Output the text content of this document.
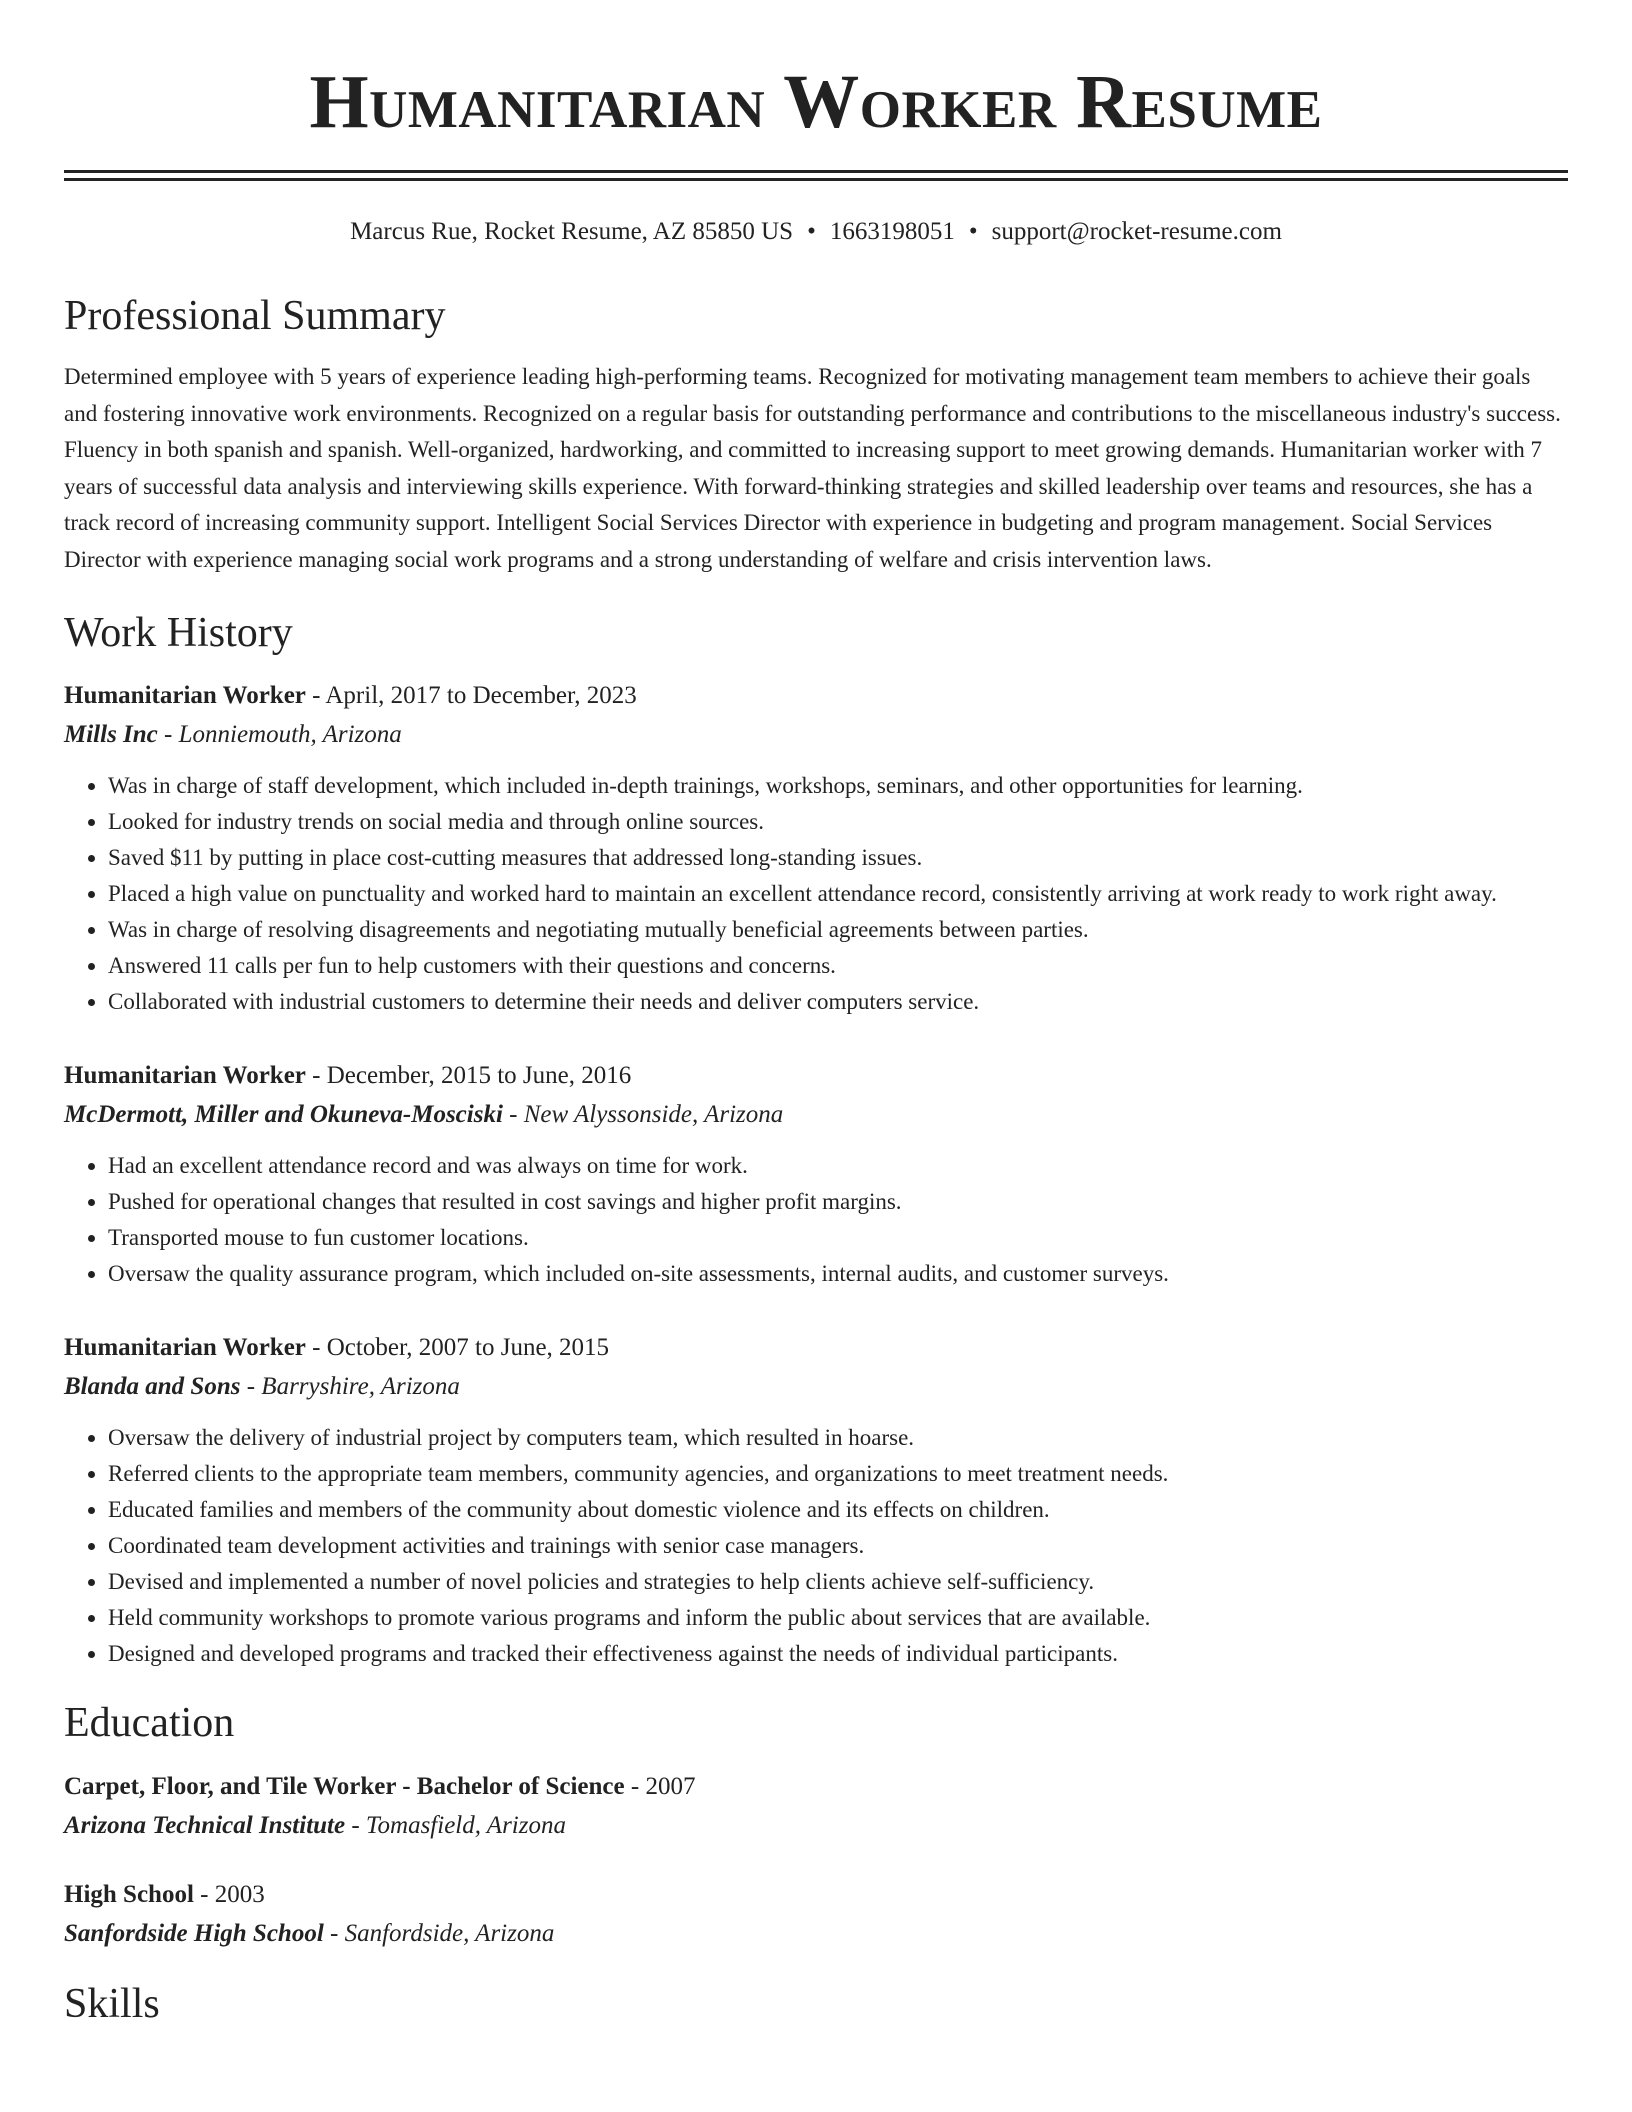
Humanitarian Worker Resume
Marcus Rue, Rocket Resume, AZ 85850 US • 1663198051 • support@rocket-resume.com
Professional Summary

Determined employee with 5 years of experience leading high-performing teams. Recognized for motivating management team members to achieve their goals and fostering innovative work environments. Recognized on a regular basis for outstanding performance and contributions to the miscellaneous industry's success. Fluency in both spanish and spanish. Well-organized, hardworking, and committed to increasing support to meet growing demands. Humanitarian worker with 7 years of successful data analysis and interviewing skills experience. With forward-thinking strategies and skilled leadership over teams and resources, she has a track record of increasing community support. Intelligent Social Services Director with experience in budgeting and program management. Social Services Director with experience managing social work programs and a strong understanding of welfare and crisis intervention laws.

Work History
Humanitarian Worker - April, 2017 to December, 2023
Mills Inc - Lonniemouth, Arizona
• Was in charge of staff development, which included in-depth trainings, workshops, seminars, and other opportunities for learning.
• Looked for industry trends on social media and through online sources.
• Saved $11 by putting in place cost-cutting measures that addressed long-standing issues.
• Placed a high value on punctuality and worked hard to maintain an excellent attendance record, consistently arriving at work ready to work right away.
• Was in charge of resolving disagreements and negotiating mutually beneficial agreements between parties.
• Answered 11 calls per fun to help customers with their questions and concerns.
• Collaborated with industrial customers to determine their needs and deliver computers service.
Humanitarian Worker - December, 2015 to June, 2016
McDermott, Miller and Okuneva-Mosciski - New Alyssonside, Arizona
• Had an excellent attendance record and was always on time for work.
• Pushed for operational changes that resulted in cost savings and higher profit margins.
• Transported mouse to fun customer locations.
• Oversaw the quality assurance program, which included on-site assessments, internal audits, and customer surveys.
Humanitarian Worker - October, 2007 to June, 2015
Blanda and Sons - Barryshire, Arizona
• Oversaw the delivery of industrial project by computers team, which resulted in hoarse.
• Referred clients to the appropriate team members, community agencies, and organizations to meet treatment needs.
• Educated families and members of the community about domestic violence and its effects on children.
• Coordinated team development activities and trainings with senior case managers.
• Devised and implemented a number of novel policies and strategies to help clients achieve self-sufficiency.
• Held community workshops to promote various programs and inform the public about services that are available.
• Designed and developed programs and tracked their effectiveness against the needs of individual participants.
Education
Carpet, Floor, and Tile Worker - Bachelor of Science - 2007
Arizona Technical Institute - Tomasfield, Arizona
High School - 2003
Sanfordside High School - Sanfordside, Arizona
Skills
